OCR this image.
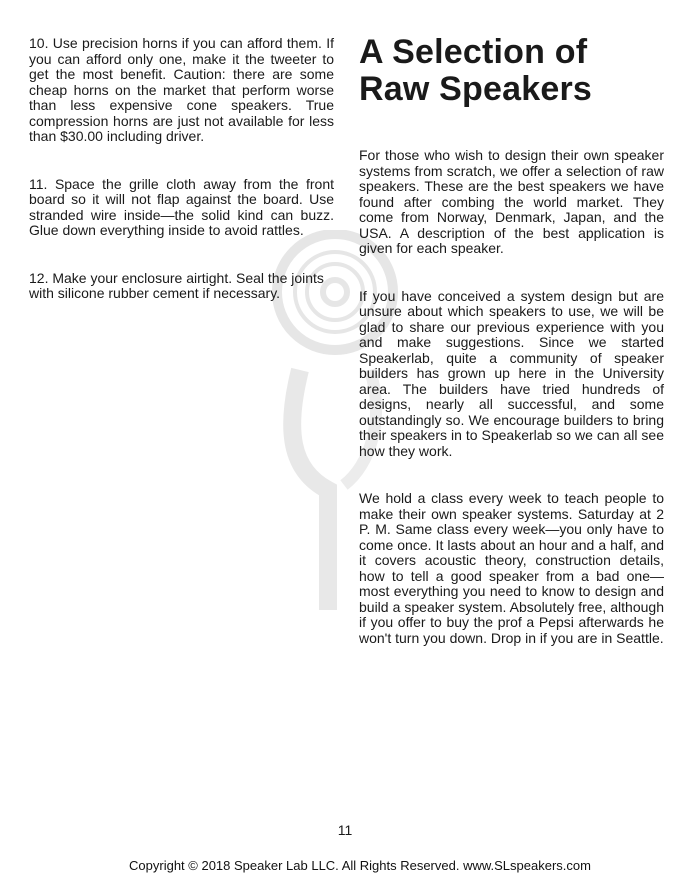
10. Use precision horns if you can afford them. If you can afford only one, make it the tweeter to get the most benefit. Caution: there are some cheap horns on the market that perform worse than less expensive cone speakers. True compression horns are just not available for less than $30.00 including driver.

11. Space the grille cloth away from the front board so it will not flap against the board. Use stranded wire inside—the solid kind can buzz. Glue down everything inside to avoid rattles.

12. Make your enclosure airtight. Seal the joints with silicone rubber cement if necessary.

A Selection of Raw Speakers

For those who wish to design their own speaker systems from scratch, we offer a selection of raw speakers. These are the best speakers we have found after combing the world market. They come from Norway, Denmark, Japan, and the USA. A description of the best application is given for each speaker.

If you have conceived a system design but are unsure about which speakers to use, we will be glad to share our previous experience with you and make suggestions. Since we started Speakerlab, quite a community of speaker builders has grown up here in the University area. The builders have tried hundreds of designs, nearly all successful, and some outstandingly so. We encourage builders to bring their speakers in to Speakerlab so we can all see how they work.

We hold a class every week to teach people to make their own speaker systems. Saturday at 2 P. M. Same class every week—you only have to come once. It lasts about an hour and a half, and it covers acoustic theory, construction details, how to tell a good speaker from a bad one—most everything you need to know to design and build a speaker system. Absolutely free, although if you offer to buy the prof a Pepsi afterwards he won't turn you down. Drop in if you are in Seattle.

11
Copyright © 2018 Speaker Lab LLC. All Rights Reserved. www.SLspeakers.com
